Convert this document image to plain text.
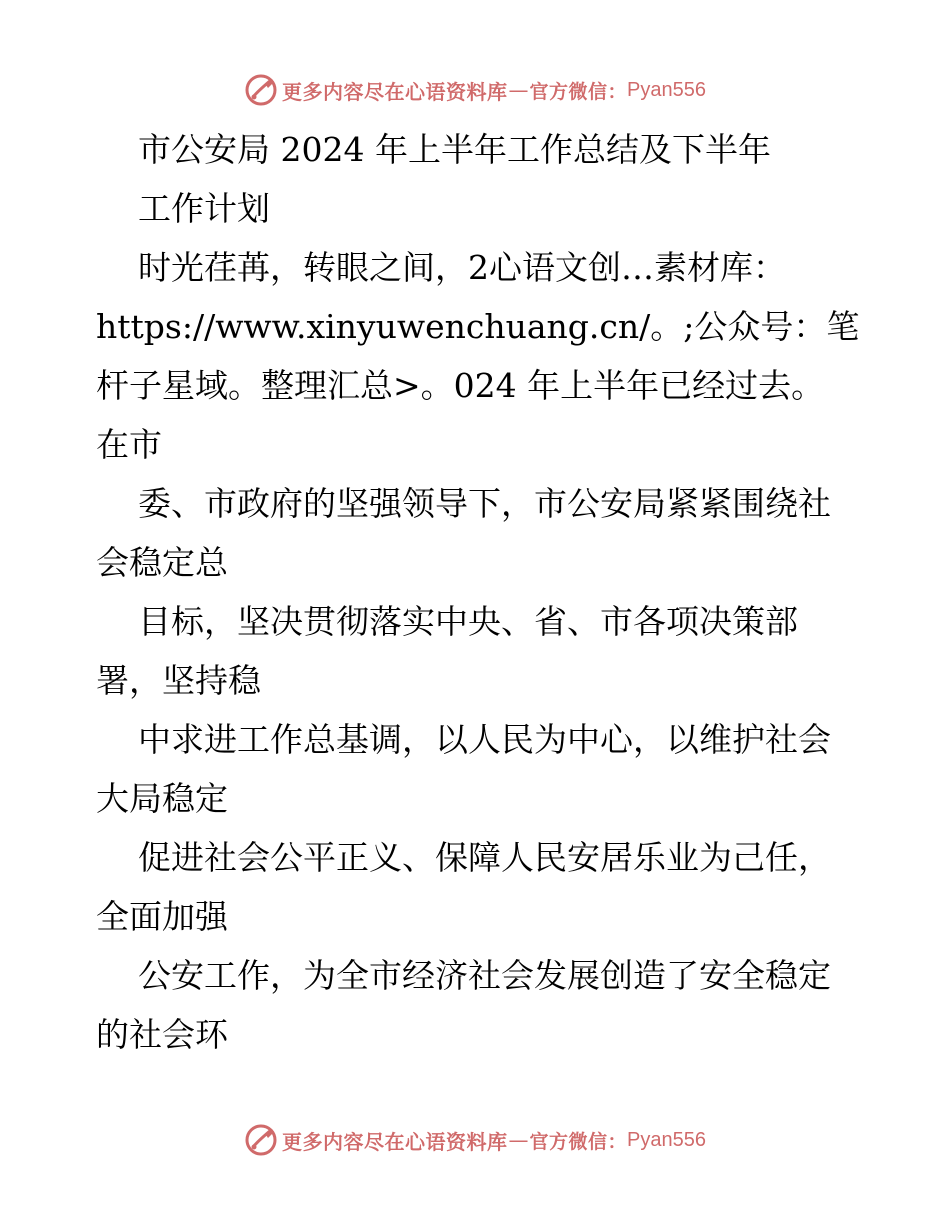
更多内容尽在心语资料库 — 官方微信： Pyan556
市公安局 2024 年上半年工作总结及下半年
工作计划
时光荏苒，转眼之间，2心语文创…素材库：
https://www.xinyuwenchuang.cn/。;公众号：笔
杆子星域。整理汇总>。024 年上半年已经过去。
在市
委、市政府的坚强领导下，市公安局紧紧围绕社
会稳定总
目标，坚决贯彻落实中央、省、市各项决策部
署，坚持稳
中求进工作总基调，以人民为中心，以维护社会
大局稳定
促进社会公平正义、保障人民安居乐业为己任，
全面加强
公安工作，为全市经济社会发展创造了安全稳定
的社会环
更多内容尽在心语资料库 — 官方微信： Pyan556
